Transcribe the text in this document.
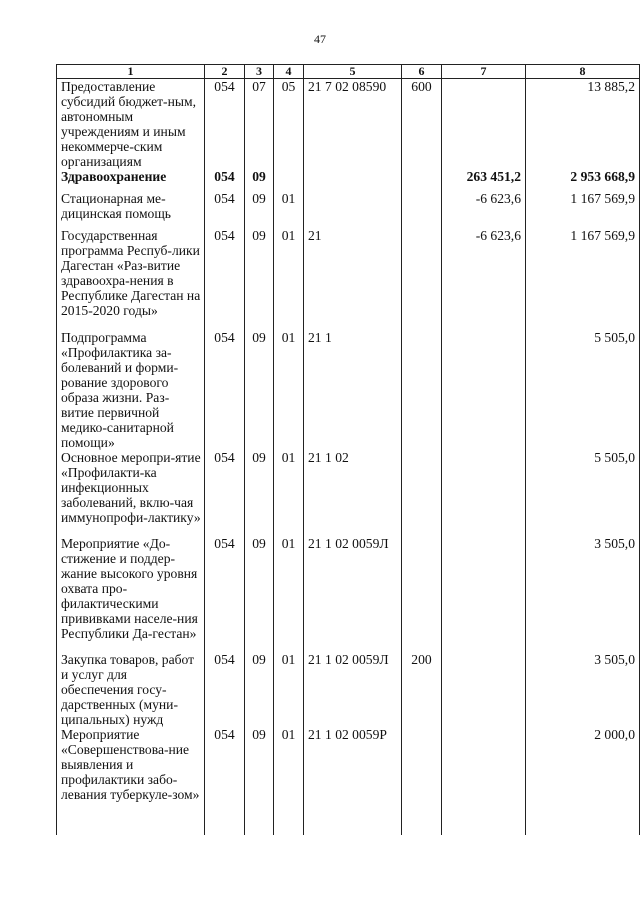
47
1	2	3	4	5	6	7	8
Предоставление субсидий бюджет-ным, автономным учреждениям и иным некоммерче-ским организациям	054	07	05	21 7 02 08590	600		13 885,2
Здравоохранение	054	09				263 451,2	2 953 668,9
Стационарная ме-дицинская помощь	054	09	01			-6 623,6	1 167 569,9
Государственная программа Респуб-лики Дагестан «Раз-витие здравоохра-нения в Республике Дагестан на 2015-2020 годы»	054	09	01	21		-6 623,6	1 167 569,9
Подпрограмма «Профилактика за-болеваний и форми-рование здорового образа жизни. Раз-витие первичной медико-санитарной помощи»	054	09	01	21 1			5 505,0
Основное меропри-ятие «Профилакти-ка инфекционных заболеваний, вклю-чая иммунопрофи-лактику»	054	09	01	21 1 02			5 505,0
Мероприятие «До-стижение и поддер-жание высокого уровня охвата про-филактическими прививками населе-ния Республики Да-гестан»	054	09	01	21 1 02 0059Л			3 505,0
Закупка товаров, работ и услуг для обеспечения госу-дарственных (муни-ципальных) нужд	054	09	01	21 1 02 0059Л	200		3 505,0
Мероприятие «Совершенствова-ние выявления и профилактики забо-левания туберкуле-зом»	054	09	01	21 1 02 0059Р			2 000,0
